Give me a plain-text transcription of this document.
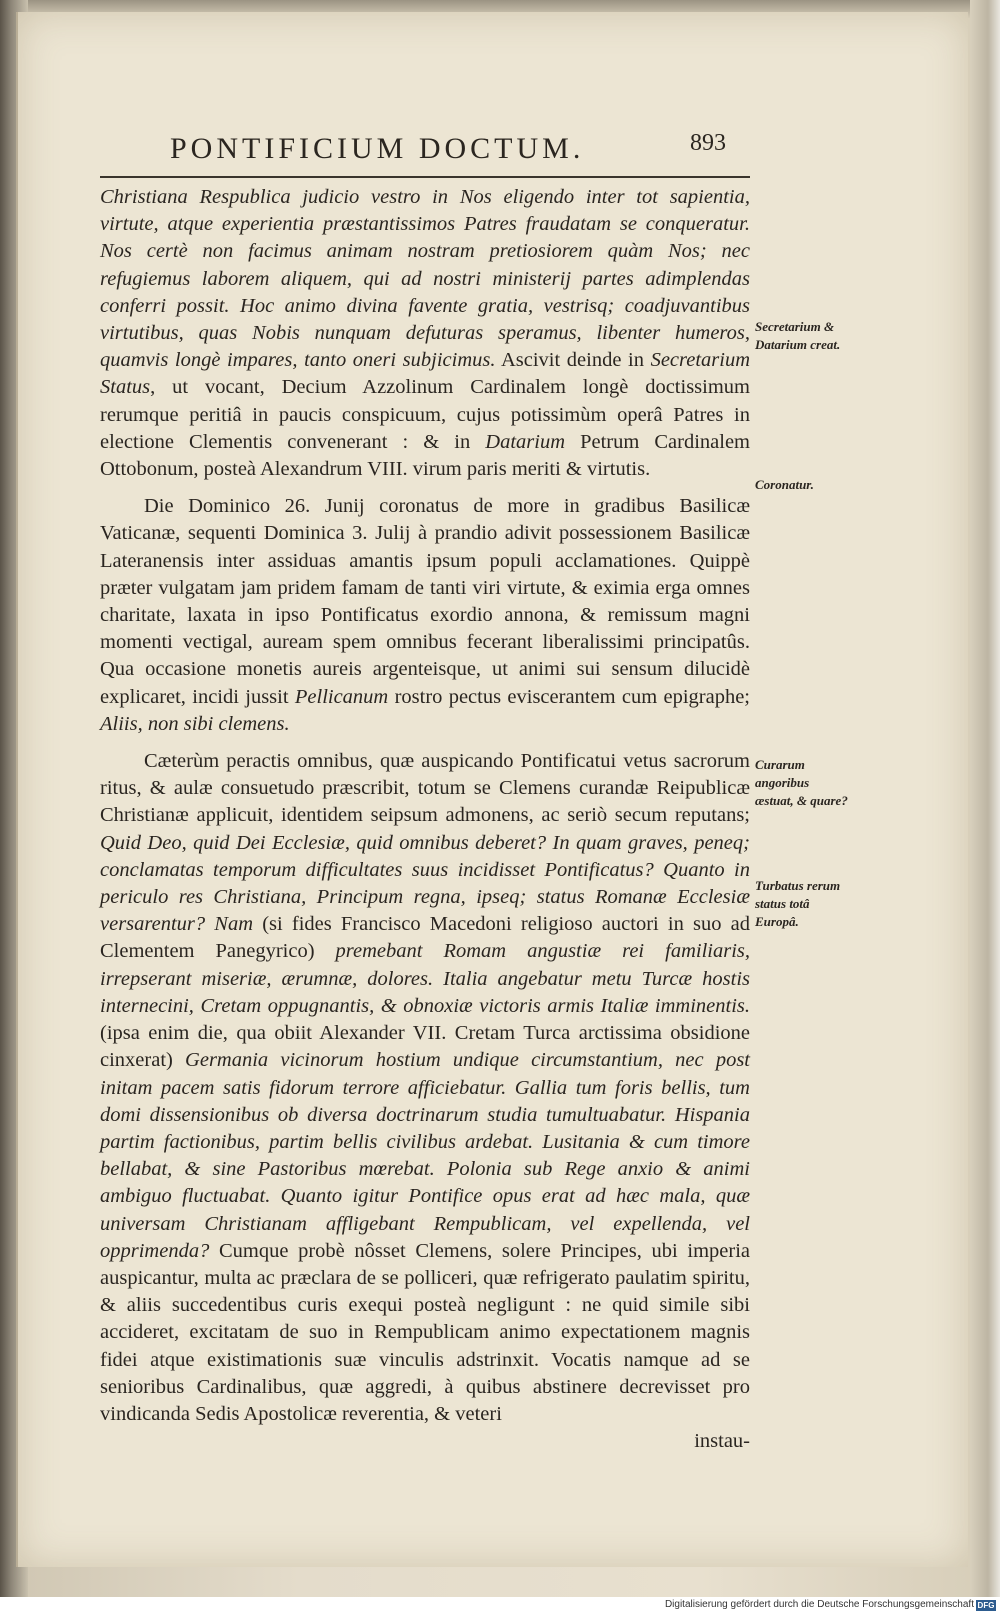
PONTIFICIUM DOCTUM.	893

Christiana Respublica judicio vestro in Nos eligendo inter tot sapientia, virtute, atque experientia præstantissimos Patres fraudatam se conqueratur. Nos certè non facimus animam nostram pretiosiorem quàm Nos; nec refugiemus laborem aliquem, qui ad nostri ministerij partes adimplendas conferri possit. Hoc animo divina favente gratia, vestrisq; coadjuvantibus virtutibus, quas Nobis nunquam defuturas speramus, libenter humeros, quamvis longè impares, tanto oneri subjicimus. Ascivit deinde in Secretarium Status, ut vocant, Decium Azzolinum Cardinalem longè doctissimum rerumque peritiâ in paucis conspicuum, cujus potissimùm operâ Patres in electione Clementis convenerant : & in Datarium Petrum Cardinalem Ottobonum, posteà Alexandrum VIII. virum paris meriti & virtutis.

Die Dominico 26. Junij coronatus de more in gradibus Basilicæ Vaticanæ, sequenti Dominica 3. Julij à prandio adivit possessionem Basilicæ Lateranensis inter assiduas amantis ipsum populi acclamationes. Quippè præter vulgatam jam pridem famam de tanti viri virtute, & eximia erga omnes charitate, laxata in ipso Pontificatus exordio annona, & remissum magni momenti vectigal, auream spem omnibus fecerant liberalissimi principatûs. Qua occasione monetis aureis argenteisque, ut animi sui sensum dilucidè explicaret, incidi jussit Pellicanum rostro pectus eviscerantem cum epigraphe; Aliis, non sibi clemens.

Cæterùm peractis omnibus, quæ auspicando Pontificatui vetus sacrorum ritus, & aulæ consuetudo præscribit, totum se Clemens curandæ Reipublicæ Christianæ applicuit, identidem seipsum admonens, ac seriò secum reputans; Quid Deo, quid Dei Ecclesiæ, quid omnibus deberet? In quam graves, peneq; conclamatas temporum difficultates suus incidisset Pontificatus? Quanto in periculo res Christiana, Principum regna, ipseq; status Romanæ Ecclesiæ versarentur? Nam (si fides Francisco Macedoni religioso auctori in suo ad Clementem Panegyrico) premebant Romam angustiæ rei familiaris, irrepserant miseriæ, ærumnæ, dolores. Italia angebatur metu Turcæ hostis internecini, Cretam oppugnantis, & obnoxiæ victoris armis Italiæ imminentis. (ipsa enim die, qua obiit Alexander VII. Cretam Turca arctissima obsidione cinxerat) Germania vicinorum hostium undique circumstantium, nec post initam pacem satis fidorum terrore afficiebatur. Gallia tum foris bellis, tum domi dissensionibus ob diversa doctrinarum studia tumultuabatur. Hispania partim factionibus, partim bellis civilibus ardebat. Lusitania & cum timore bellabat, & sine Pastoribus mœrebat. Polonia sub Rege anxio & animi ambiguo fluctuabat. Quanto igitur Pontifice opus erat ad hæc mala, quæ universam Christianam affligebant Rempublicam, vel expellenda, vel opprimenda? Cumque probè nôsset Clemens, solere Principes, ubi imperia auspicantur, multa ac præclara de se polliceri, quæ refrigerato paulatim spiritu, & aliis succedentibus curis exequi posteà negligunt : ne quid simile sibi accideret, excitatam de suo in Rempublicam animo expectationem magnis fidei atque existimationis suæ vinculis adstrinxit. Vocatis namque ad se senioribus Cardinalibus, quæ aggredi, à quibus abstinere decrevisset pro vindicanda Sedis Apostolicæ reverentia, & veteri

instau-
Secretarium & Datarium creat.
Coronatur.
Curarum angoribus æstuat, & quare?
Turbatus rerum status totâ Europâ.
Digitalisierung gefördert durch die Deutsche Forschungsgemeinschaft DFG
